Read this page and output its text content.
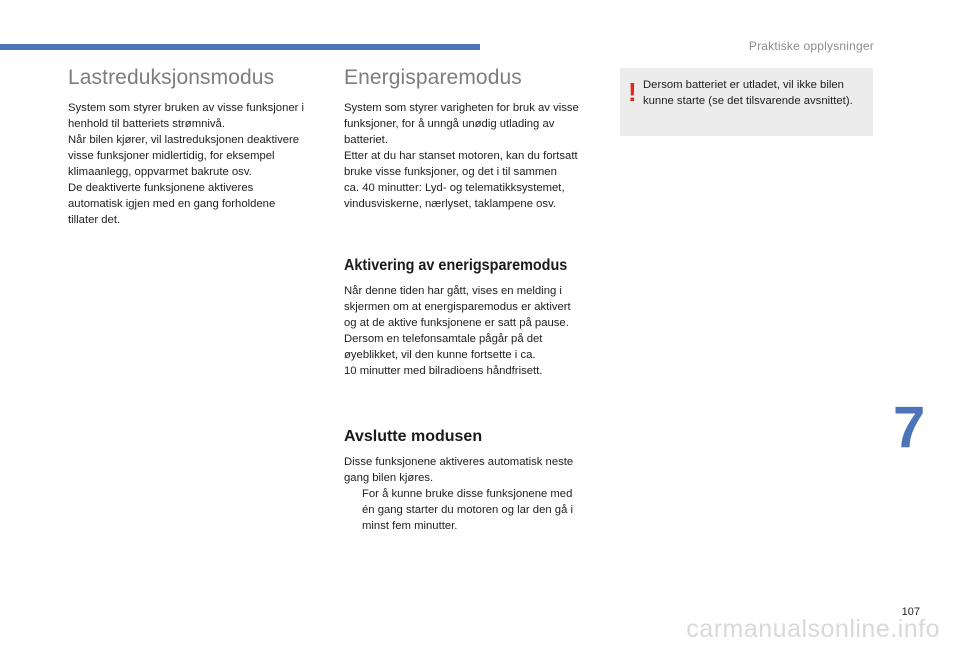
Praktiske opplysninger
Lastreduksjonsmodus

System som styrer bruken av visse funksjoner i

henhold til batteriets strømnivå.

Når bilen kjører, vil lastreduksjonen deaktivere

visse funksjoner midlertidig, for eksempel

klimaanlegg, oppvarmet bakrute osv.

De deaktiverte funksjonene aktiveres

automatisk igjen med en gang forholdene

tillater det.

Energisparemodus

System som styrer varigheten for bruk av visse

funksjoner, for å unngå unødig utlading av

batteriet.

Etter at du har stanset motoren, kan du fortsatt

bruke visse funksjoner, og det i til sammen

ca. 40 minutter: Lyd- og telematikksystemet,

vindusviskerne, nærlyset, taklampene osv.

Aktivering av enerigsparemodus

Når denne tiden har gått, vises en melding i

skjermen om at energisparemodus er aktivert

og at de aktive funksjonene er satt på pause.

Dersom en telefonsamtale pågår på det

øyeblikket, vil den kunne fortsette i ca.

10 minutter med bilradioens håndfrisett.

Avslutte modusen

Disse funksjonene aktiveres automatisk neste

gang bilen kjøres.

For å kunne bruke disse funksjonene med

én gang starter du motoren og lar den gå i

minst fem minutter.

! Dersom batteriet er utladet, vil ikke bilen
kunne starte (se det tilsvarende avsnittet).
7
107
carmanualsonline.info
